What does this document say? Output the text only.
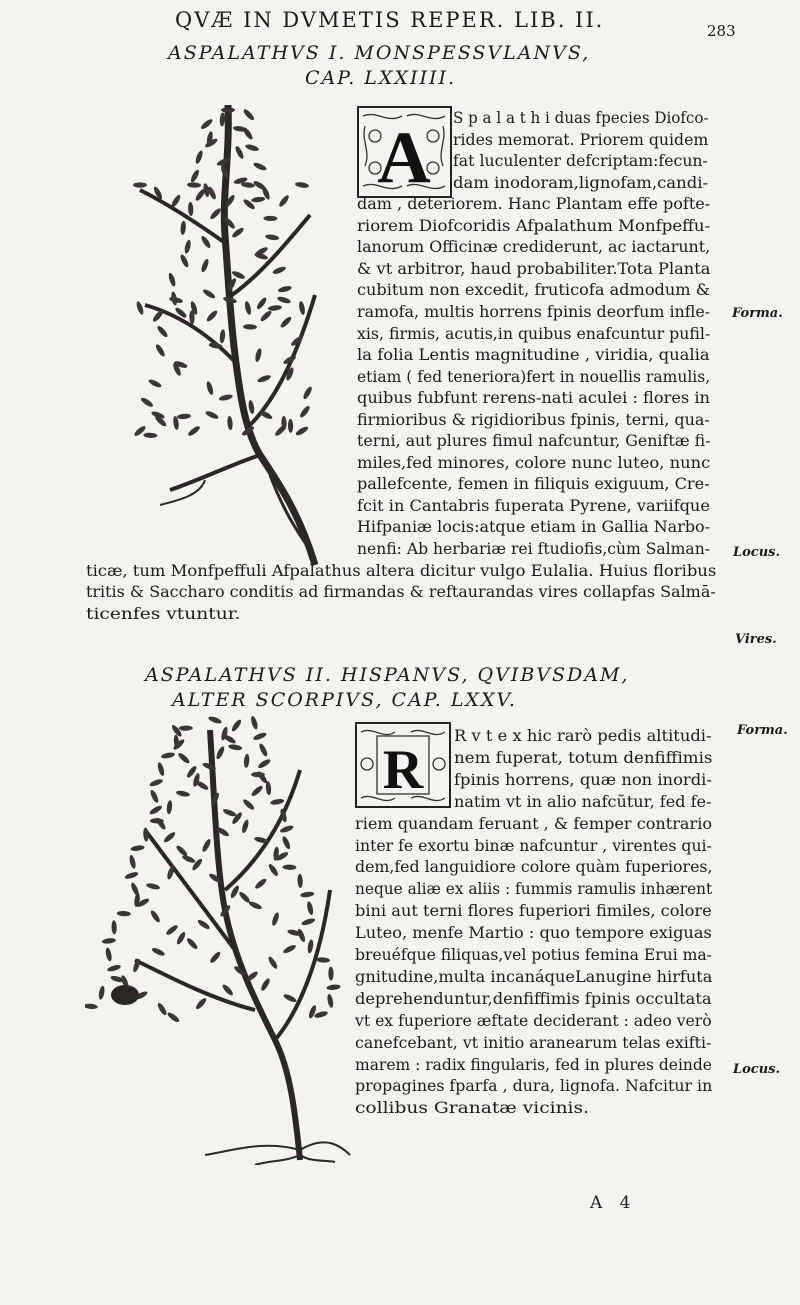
QVÆ IN DVMETIS REPER. LIB. II.	283
ASPALATHVS I. MONSPESSVLANVS,
CAP. LXXIIII.
A S p a l a t h i duas fpecies Diofco-
rides memorat. Priorem quidem
fat luculenter defcriptam:fecun-
dam inodoram,lignofam,candi-
dam , deteriorem. Hanc Plantam effe pofte-
riorem Diofcoridis Afpalathum Monfpeffu-
lanorum Officinæ crediderunt, ac iactarunt,
& vt arbitror, haud probabiliter.Tota Planta
cubitum non excedit, fruticofa admodum &
ramofa, multis horrens fpinis deorfum infle-
xis, firmis, acutis,in quibus enafcuntur pufil-
la folia Lentis magnitudine , viridia, qualia
etiam ( fed teneriora)fert in nouellis ramulis,
quibus fubfunt rerens-nati aculei : flores in
firmioribus & rigidioribus fpinis, terni, qua-
terni, aut plures fimul nafcuntur, Geniftæ fi-
miles,fed minores, colore nunc luteo, nunc
pallefcente, femen in filiquis exiguum, Cre-
fcit in Cantabris fuperata Pyrene, variifque
Hifpaniæ locis:atque etiam in Gallia Narbo-
nenfi: Ab herbariæ rei ftudiofis,cùm Salman-
ticæ, tum Monfpeffuli Afpalathus altera dicitur vulgo Eulalia. Huius floribus
tritis & Saccharo conditis ad firmandas & reftaurandas vires collapfas Salmā-
ticenfes vtuntur.
Forma.
Locus.
Vires.
ASPALATHVS II. HISPANVS, QVIBVSDAM,
ALTER SCORPIVS, CAP. LXXV.
R
R v t e x hic rarò pedis altitudi-
nem fuperat, totum denfiffimis
fpinis horrens, quæ non inordi-
natim vt in alio nafcũtur, fed fe-
riem quandam feruant , & femper contrario
inter fe exortu binæ nafcuntur , virentes qui-
dem,fed languidiore colore quàm fuperiores,
neque aliæ ex aliis : fummis ramulis inhærent
bini aut terni flores fuperiori fimiles, colore
Luteo, menfe Martio : quo tempore exiguas
breuéfque filiquas,vel potius femina Erui ma-
gnitudine,multa incanáqueLanugine hirfuta
deprehenduntur,denfiffimis fpinis occultata
vt ex fuperiore æftate deciderant : adeo verò
canefcebant, vt initio aranearum telas exifti-
marem : radix fingularis, fed in plures deinde
propagines fparfa , dura, lignofa. Nafcitur in
collibus Granatæ vicinis.
Forma.
Locus.
A 4
